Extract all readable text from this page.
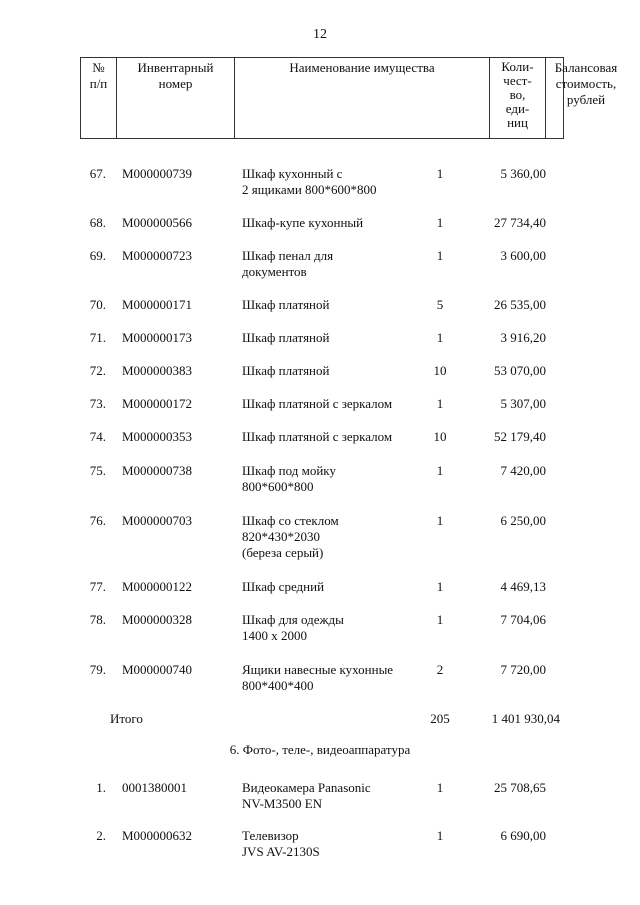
12
№
п/п
Инвентарный
номер
Наименование имущества	Коли-
чест-
во,
еди-
ниц
Балансовая
стоимость,
рублей
67. М000000739	Шкаф кухонный с
2 ящиками 800*600*800
1	5 360,00
68. М000000566	Шкаф-купе кухонный	1	27 734,40
69. М000000723	Шкаф пенал для
документов
1	3 600,00
70. М000000171	Шкаф платяной	5	26 535,00
71. М000000173	Шкаф платяной	1	3 916,20
72. М000000383	Шкаф платяной	10	53 070,00
73. М000000172	Шкаф платяной с зеркалом	1	5 307,00
74. М000000353	Шкаф платяной с зеркалом	10	52 179,40
75. М000000738	Шкаф под мойку
800*600*800
1	7 420,00
76. М000000703	Шкаф со стеклом
820*430*2030
(береза серый)
1	6 250,00
77. М000000122	Шкаф средний	1	4 469,13
78. М000000328	Шкаф для одежды
1400 х 2000
1	7 704,06
79. М000000740	Ящики навесные кухонные
800*400*400
2	7 720,00
Итого	205	1 401 930,04
6. Фото-, теле-, видеоаппаратура
1. 0001380001	Видеокамера Panasonic
NV-M3500 EN
1	25 708,65
2. М000000632	Телевизор
JVS AV-2130S
1	6 690,00
